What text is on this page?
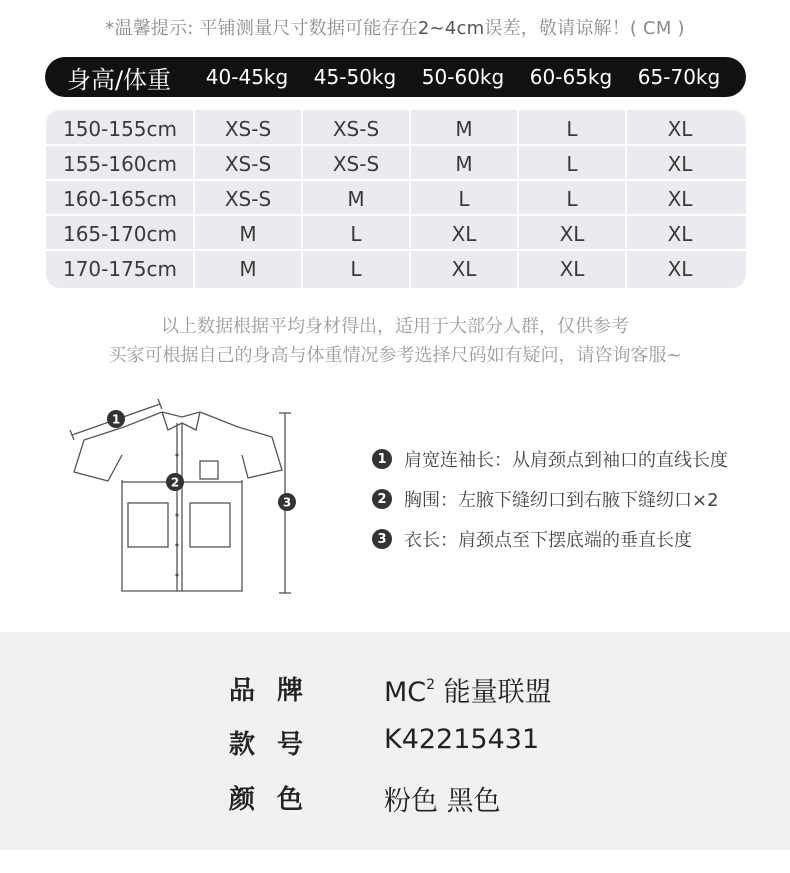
*温馨提示: 平铺测量尺寸数据可能存在2~4cm误差，敬请谅解！( CM )
身高/体重	40-45kg	45-50kg	50-60kg	60-65kg	65-70kg
150-155cm	XS-S	XS-S	M	L	XL
155-160cm	XS-S	XS-S	M	L	XL
160-165cm	XS-S	M	L	L	XL
165-170cm	M	L	XL	XL	XL
170-175cm	M	L	XL	XL	XL
以上数据根据平均身材得出，适用于大部分人群，仅供参考
买家可根据自己的身高与体重情况参考选择尺码如有疑问，请咨询客服~
1
2
3
1 肩宽连袖长：从肩颈点到袖口的直线长度
2 胸围：左腋下缝纫口到右腋下缝纫口×2
3 衣长：肩颈点至下摆底端的垂直长度
品牌 $MC^2$ 能量联盟
款号 K42215431
颜色 粉色 黑色
